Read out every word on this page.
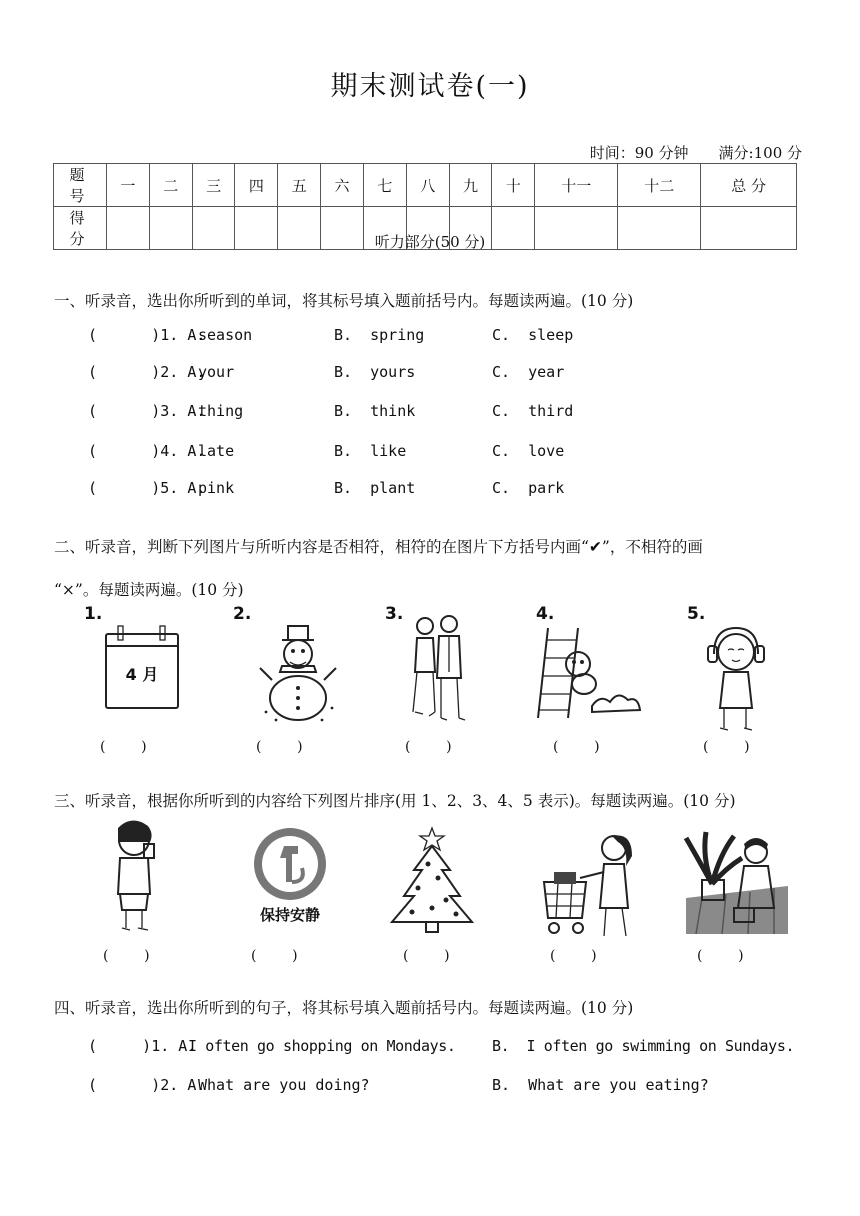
期末测试卷(一)
时间：90 分钟 满分:100 分
题 号	一	二	三	四	五	六	七	八	九	十	十一	十二	总 分
得 分														听力部分(50 分)
一、听录音，选出你所听到的单词，将其标号填入题前括号内。每题读两遍。(10 分)
(      )1. A.
season	B.  spring	C.  sleep
(      )2. A.
your	B.  yours	C.  year
(      )3. A.
thing	B.  think	C.  third
(      )4. A.
late	B.  like	C.  love
(      )5. A.
pink	B.  plant	C.  park
二、听录音，判断下列图片与所听内容是否相符，相符的在图片下方括号内画“✔”，不相符的画
“×”。每题读两遍。(10 分)
1.	2.	3.	4.	5.
4 月
(        )	(        )	(        )	(        )	(        )
三、听录音，根据你所听到的内容给下列图片排序(用 1、2、3、4、5 表示)。每题读两遍。(10 分)
保持安静
(        )	(        )	(        )	(        )	(        )
四、听录音，选出你所听到的句子，将其标号填入题前括号内。每题读两遍。(10 分)
(     )1. A.
I often go shopping on Mondays. B.  I often go swimming on Sundays.
(      )2. A.
What are you doing?	B.  What are you eating?
